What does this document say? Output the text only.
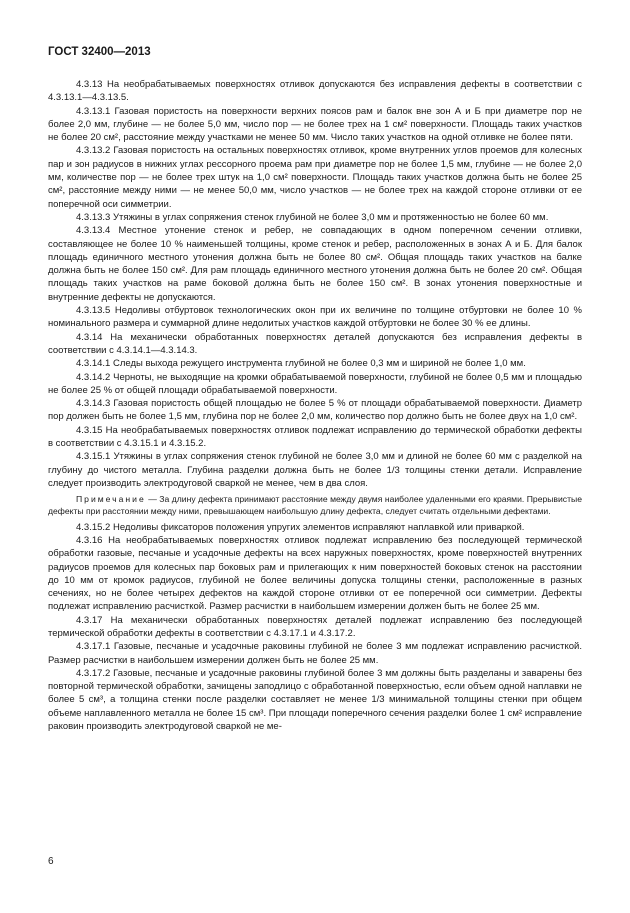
ГОСТ 32400—2013

4.3.13 На необрабатываемых поверхностях отливок допускаются без исправления дефекты в соответствии с 4.3.13.1—4.3.13.5.

4.3.13.1 Газовая пористость на поверхности верхних поясов рам и балок вне зон А и Б при диаметре пор не более 2,0 мм, глубине — не более 5,0 мм, число пор — не более трех на 1 см² поверхности. Площадь таких участков не более 20 см², расстояние между участками не менее 50 мм. Число таких участков на одной отливке не более пяти.

4.3.13.2 Газовая пористость на остальных поверхностях отливок, кроме внутренних углов проемов для колесных пар и зон радиусов в нижних углах рессорного проема рам при диаметре пор не более 1,5 мм, глубине — не более 2,0 мм, количестве пор — не более трех штук на 1,0 см² поверхности. Площадь таких участков должна быть не более 25 см², расстояние между ними — не менее 50,0 мм, число участков — не более трех на каждой стороне отливки от ее поперечной оси симметрии.

4.3.13.3 Утяжины в углах сопряжения стенок глубиной не более 3,0 мм и протяженностью не более 60 мм.

4.3.13.4 Местное утонение стенок и ребер, не совпадающих в одном поперечном сечении отливки, составляющее не более 10 % наименьшей толщины, кроме стенок и ребер, расположенных в зонах А и Б. Для балок площадь единичного местного утонения должна быть не более 80 см². Общая площадь таких участков на балке должна быть не более 150 см². Для рам площадь единичного местного утонения должна быть не более 20 см². Общая площадь таких участков на раме боковой должна быть не более 150 см². В зонах утонения поверхностные и внутренние дефекты не допускаются.

4.3.13.5 Недоливы отбуртовок технологических окон при их величине по толщине отбуртовки не более 10 % номинального размера и суммарной длине недолитых участков каждой отбуртовки не более 30 % ее длины.

4.3.14 На механически обработанных поверхностях деталей допускаются без исправления дефекты в соответствии с 4.3.14.1—4.3.14.3.

4.3.14.1 Следы выхода режущего инструмента глубиной не более 0,3 мм и шириной не более 1,0 мм.

4.3.14.2 Черноты, не выходящие на кромки обрабатываемой поверхности, глубиной не более 0,5 мм и площадью не более 25 % от общей площади обрабатываемой поверхности.

4.3.14.3 Газовая пористость общей площадью не более 5 % от площади обрабатываемой поверхности. Диаметр пор должен быть не более 1,5 мм, глубина пор не более 2,0 мм, количество пор должно быть не более двух на 1,0 см².

4.3.15 На необрабатываемых поверхностях отливок подлежат исправлению до термической обработки дефекты в соответствии с 4.3.15.1 и 4.3.15.2.

4.3.15.1 Утяжины в углах сопряжения стенок глубиной не более 3,0 мм и длиной не более 60 мм с разделкой на глубину до чистого металла. Глубина разделки должна быть не более 1/3 толщины стенки детали. Исправление следует производить электродуговой сваркой не менее, чем в два слоя.

Примечание — За длину дефекта принимают расстояние между двумя наиболее удаленными его краями. Прерывистые дефекты при расстоянии между ними, превышающем наибольшую длину дефекта, следует считать отдельными дефектами.

4.3.15.2 Недоливы фиксаторов положения упругих элементов исправляют наплавкой или приваркой.

4.3.16 На необрабатываемых поверхностях отливок подлежат исправлению без последующей термической обработки газовые, песчаные и усадочные дефекты на всех наружных поверхностях, кроме поверхностей внутренних радиусов проемов для колесных пар боковых рам и прилегающих к ним поверхностей боковых стенок на расстоянии до 10 мм от кромок радиусов, глубиной не более величины допуска толщины стенки, расположенные в разных сечениях, но не более четырех дефектов на каждой стороне отливки от ее поперечной оси симметрии. Дефекты подлежат исправлению расчисткой. Размер расчистки в наибольшем измерении должен быть не более 25 мм.

4.3.17 На механически обработанных поверхностях деталей подлежат исправлению без последующей термической обработки дефекты в соответствии с 4.3.17.1 и 4.3.17.2.

4.3.17.1 Газовые, песчаные и усадочные раковины глубиной не более 3 мм подлежат исправлению расчисткой. Размер расчистки в наибольшем измерении должен быть не более 25 мм.

4.3.17.2 Газовые, песчаные и усадочные раковины глубиной более 3 мм должны быть разделаны и заварены без повторной термической обработки, зачищены заподлицо с обработанной поверхностью, если объем одной наплавки не более 5 см³, а толщина стенки после разделки составляет не менее 1/3 минимальной толщины стенки при общем объеме наплавленного металла не более 15 см³. При площади поперечного сечения разделки более 1 см² исправление раковин производить электродуговой сваркой не ме-

6
